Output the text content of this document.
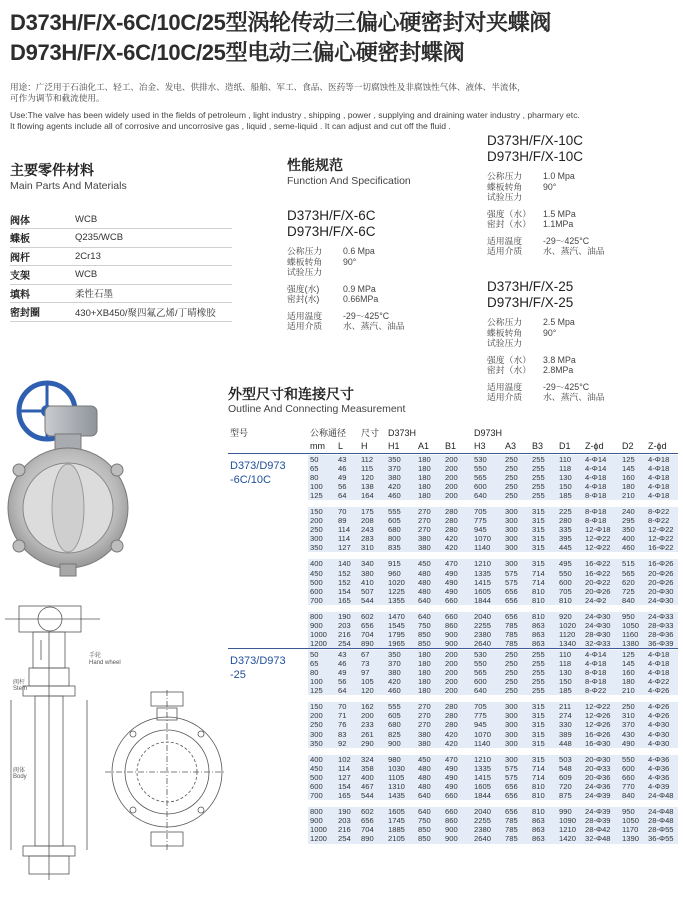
D373H/F/X-6C/10C/25型涡轮传动三偏心硬密封对夹蝶阀
D973H/F/X-6C/10C/25型电动三偏心硬密封蝶阀
用途：广泛用于石油化工、轻工、冶金、发电、供排水、造纸、船舶、军工、食品、医药等一切腐蚀性及非腐蚀性气体、液体、半流体，
可作为调节和截流使用。
Use:The valve has been widely used in the fields of petroleum , light industry , shipping , power , supplying and draining water industry , pharmary etc.
It flowing agents include all of corrosive and uncorrosive gas , liquid , seme-liquid . It can adjust and cut off the fluid .
主要零件材料
Main Parts And Materials
阀体	WCB
蝶板	Q235/WCB
阀杆	2Cr13
支架	WCB
填料	柔性石墨
密封圈	430+XB450/聚四氟乙烯/丁晴橡胶
性能规范
Function And Specification
D373H/F/X-6C
D973H/F/X-6C
公称压力	0.6 Mpa
蝶板转角	90°
试验压力
强度(水)	0.9 MPa
密封(水)	0.66MPa
适用温度	-29～425°C
适用介质	水、蒸汽、油品
D373H/F/X-10C
D973H/F/X-10C
公称压力	1.0 Mpa
蝶板转角	90°
试验压力
强度（水）	1.5 MPa
密封（水）	1.1MPa
适用温度	-29～425°C
适用介质	水、蒸汽、油品
D373H/F/X-25
D973H/F/X-25
公称压力	2.5 Mpa
蝶板转角	90°
试验压力
强度（水）	3.8 MPa
密封（水）	2.8MPa
适用温度	-29～425°C
适用介质	水、蒸汽、油品
外型尺寸和连接尺寸
Outline And Connecting Measurement
型号	公称通径		尺寸	D373H			D973H						
	mm	L	H	H1	A1	B1	H3	A3	B3	D1	Z-ϕd	D2	Z-ϕd

D373/D973
-6C/10C	50	43	112	350	180	200	530	250	255	110	4-Φ14	125	4-Φ18
	65	46	115	370	180	200	550	250	255	118	4-Φ14	145	4-Φ18
	80	49	120	380	180	200	565	250	255	130	4-Φ18	160	4-Φ18
	100	56	138	420	180	200	600	250	255	150	4-Φ18	180	4-Φ18
	125	64	164	460	180	200	640	250	255	185	8-Φ18	210	4-Φ18

	150	70	175	555	270	280	705	300	315	225	8-Φ18	240	8-Φ22
	200	89	208	605	270	280	775	300	315	280	8-Φ18	295	8-Φ22
	250	114	243	680	270	280	945	300	315	335	12-Φ18	350	12-Φ22
	300	114	283	800	380	420	1070	300	315	395	12-Φ22	400	12-Φ22
	350	127	310	835	380	420	1140	300	315	445	12-Φ22	460	16-Φ22

	400	140	340	915	450	470	1210	300	315	495	16-Φ22	515	16-Φ26
	450	152	380	960	480	490	1335	575	714	550	16-Φ22	565	20-Φ26
	500	152	410	1020	480	490	1415	575	714	600	20-Φ22	620	20-Φ26
	600	154	507	1225	480	490	1605	656	810	705	20-Φ26	725	20-Φ30
	700	165	544	1355	640	660	1844	656	810	810	24-Φ2	840	24-Φ30

	800	190	602	1470	640	660	2040	656	810	920	24-Φ30	950	24-Φ33
	900	203	656	1545	750	860	2255	785	863	1020	24-Φ30	1050	28-Φ33
	1000	216	704	1795	850	900	2380	785	863	1120	28-Φ30	1160	28-Φ36
	1200	254	890	1965	850	900	2640	785	863	1340	32-Φ33	1380	36-Φ39

D373/D973
-25	50	43	67	350	180	200	530	250	255	110	4-Φ14	125	4-Φ18
	65	46	73	370	180	200	550	250	255	118	4-Φ18	145	4-Φ18
	80	49	97	380	180	200	565	250	255	130	8-Φ18	160	4-Φ18
	100	56	105	420	180	200	600	250	255	150	8-Φ18	180	4-Φ22
	125	64	120	460	180	200	640	250	255	185	8-Φ22	210	4-Φ26

	150	70	162	555	270	280	705	300	315	211	12-Φ22	250	4-Φ26
	200	71	200	605	270	280	775	300	315	274	12-Φ26	310	4-Φ26
	250	76	233	680	270	280	945	300	315	330	12-Φ26	370	4-Φ30
	300	83	261	825	380	420	1070	300	315	389	16-Φ26	430	4-Φ30
	350	92	290	900	380	420	1140	300	315	448	16-Φ30	490	4-Φ30

	400	102	324	980	450	470	1210	300	315	503	20-Φ30	550	4-Φ36
	450	114	358	1030	480	490	1335	575	714	548	20-Φ33	600	4-Φ36
	500	127	400	1105	480	490	1415	575	714	609	20-Φ36	660	4-Φ36
	600	154	467	1310	480	490	1605	656	810	720	24-Φ36	770	4-Φ39
	700	165	544	1435	640	660	1844	656	810	875	24-Φ39	840	24-Φ48

	800	190	602	1605	640	660	2040	656	810	990	24-Φ39	950	24-Φ48
	900	203	656	1745	750	860	2255	785	863	1090	28-Φ39	1050	28-Φ48
	1000	216	704	1885	850	900	2380	785	863	1210	28-Φ42	1170	28-Φ55
	1200	254	890	2105	850	900	2640	785	863	1420	32-Φ48	1390	36-Φ55
手轮
Hand wheel
阀杆
Stem
阀体
Body
